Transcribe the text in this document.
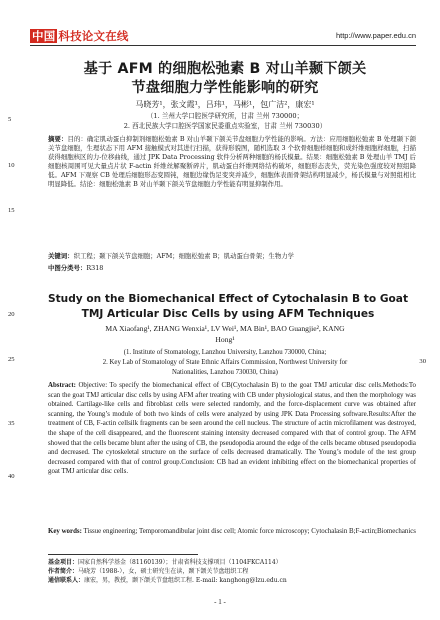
中国 科技论文在线	http://www.paper.edu.cn
5
10
15
20
25
35
40
基于 AFM 的细胞松弛素 B 对山羊颞下颌关
节盘细胞力学性能影响的研究
马晓芳¹，张文霞¹，吕玮¹，马彬¹，包广洁²，康宏¹
（1. 兰州大学口腔医学研究所，甘肃 兰州 730000；
2. 西北民族大学口腔医学国家民委重点实验室，甘肃 兰州 730030）
摘要：目的：确定肌动蛋白抑制剂细胞松弛素 B 对山羊颞下颌关节盘细胞力学性能的影响。方法：应用细胞松弛素 B 处理颞下颌关节盘细胞，生理状态下用 AFM 接触模式对其进行扫描，获得形貌图，随机选取 3 个软骨细胞样细胞和成纤维细胞样细胞，扫描获得细胞核区的力-位移曲线，通过 JPK Data Processing 软件分析两种细胞的杨氏模量。结果：细胞松弛素 B 处理山羊 TMJ 后细胞核周围可见大量点片状 F-actin 纤维丝解聚断碎片，肌动蛋白纤维网络结构破坏，细胞形态丧失，荧光染色强度较对照组降低。AFM 下观察 CB 处理后细胞形态变圆钝，细胞边缘伪足变突并减少，细胞体表面骨架结构明显减少，杨氏模量与对照组相比明显降低。结论：细胞松弛素 B 对山羊颞下颌关节盘细胞力学性能有明显抑制作用。
关键词：织工程；颞下颌关节盘细胞；AFM；细胞松弛素 B；肌动蛋白骨架；生物力学
中图分类号：R318
Study on the Biomechanical Effect of Cytochalasin B to Goat
TMJ Articular Disc Cells by using AFM Techniques
MA Xiaofang¹, ZHANG Wenxia¹, LV Wei¹, MA Bin¹, BAO Guangjie², KANG
Hong¹
(1. Institute of Stomatology, Lanzhou University, Lanzhou 730000, China;
2. Key Lab of Stomatology of State Ethnic Affairs Commission, Northwest University for
Nationalities, Lanzhou 730030, China)
30
Abstract: Objective: To specify the biomechanical effect of CB(Cytochalasin B) to the goat TMJ articular disc cells.Methods:To scan the goat TMJ articular disc cells by using AFM after treating with CB under physiological status, and then the morphology was obtained. Cartilage-like cells and fibroblast cells were selected randomly, and the force-displacement curve was obtained after scanning, the Young’s module of both two kinds of cells were analyzed by using JPK Data Processing software.Results:After the treatment of CB, F-actin cellsilk fragments can be seen around the cell nucleus. The structure of actin microfilament was destroyed, the shape of the cell disappeared, and the fluorescent staining intensity decreased compared with that of control group. The AFM showed that the cells became blunt after the using of CB, the pseudopodia around the edge of the cells became obtused pseudopodia and decreased. The cytoskeletal structure on the surface of cells decreased dramatically. The Young’s module of the test group decreased compared with that of control group.Conclusion: CB had an evident inhibiting effect on the biomechanical properties of goat TMJ articular disc cells.
Key words: Tissue engineering; Temporomandibular joint disc cell; Atomic force microscopy; Cytochalasin B;F-actin;Biomechanics
基金项目：国家自然科学基金（81160139）；甘肃省科技支撑项目（1104FKCA114）
作者简介：马晓芳（1988-），女，硕士研究生在读，颞下颌关节盘组织工程
通信联系人：康宏，男，教授，颞下颌关节盘组织工程. E-mail: kanghong@lzu.edu.cn
- 1 -
